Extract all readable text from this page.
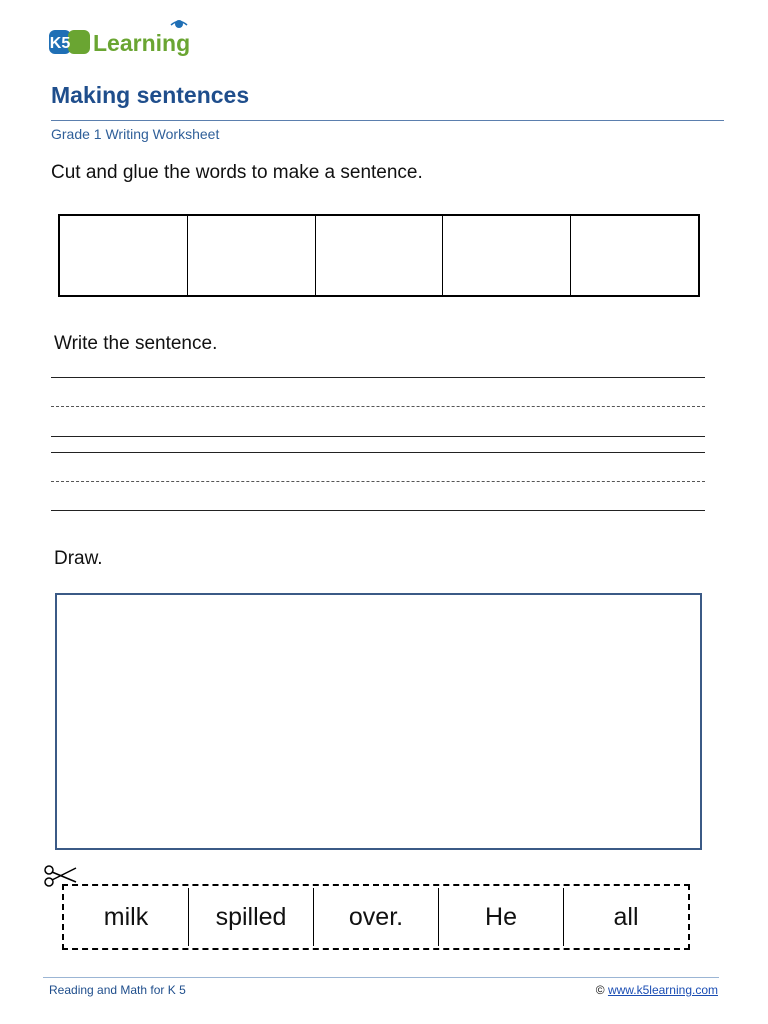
K5 Learning
Making sentences
Grade 1 Writing Worksheet
Cut and glue the words to make a sentence.
Write the sentence.
Draw.
milk	spilled	over.	He	all
Reading and Math for K 5	© www.k5learning.com
